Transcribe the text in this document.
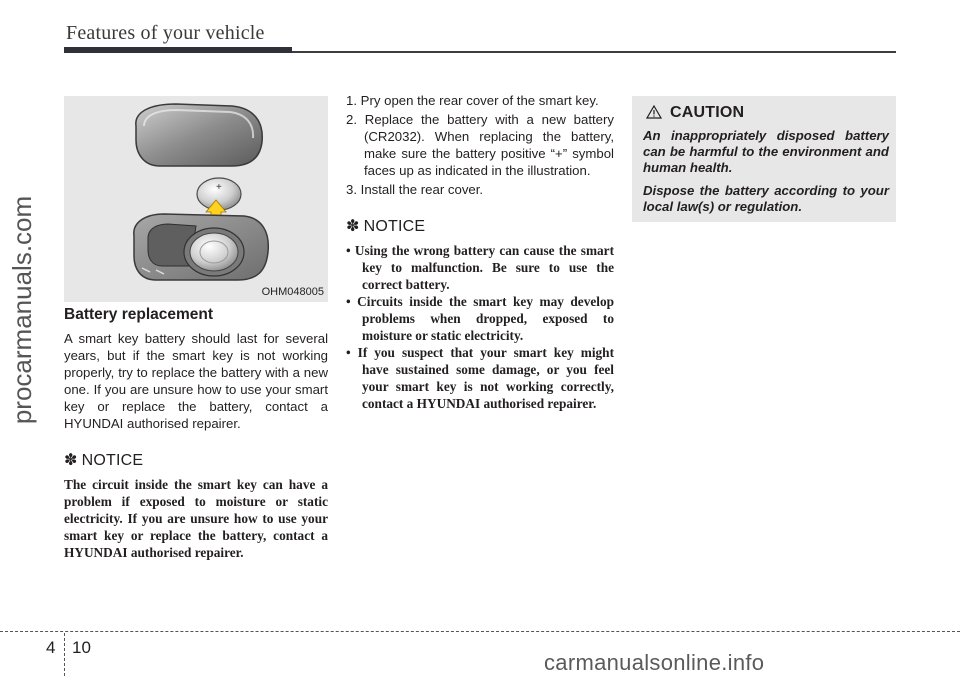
Features of your vehicle
procarmanuals.com
+
OHM048005
Battery replacement

A smart key battery should last for several years, but if the smart key is not working properly, try to replace the battery with a new one. If you are unsure how to use your smart key or replace the battery, contact a HYUNDAI authorised repairer.

✽ NOTICE

The circuit inside the smart key can have a problem if exposed to moisture or static electricity. If you are unsure how to use your smart key or replace the battery, contact a HYUNDAI authorised repairer.

1. Pry open the rear cover of the smart key.
2. Replace the battery with a new battery (CR2032). When replacing the battery, make sure the battery positive “+” symbol faces up as indicated in the illustration.
3. Install the rear cover.
✽ NOTICE
• Using the wrong battery can cause the smart key to malfunction. Be sure to use the correct battery.
• Circuits inside the smart key may develop problems when dropped, exposed to moisture or static electricity.
• If you suspect that your smart key might have sustained some damage, or you feel your smart key is not working correctly, contact a HYUNDAI authorised repairer.
CAUTION

An inappropriately disposed battery can be harmful to the environment and human health.

Dispose the battery according to your local law(s) or regulation.

4 10
carmanualsonline.info
